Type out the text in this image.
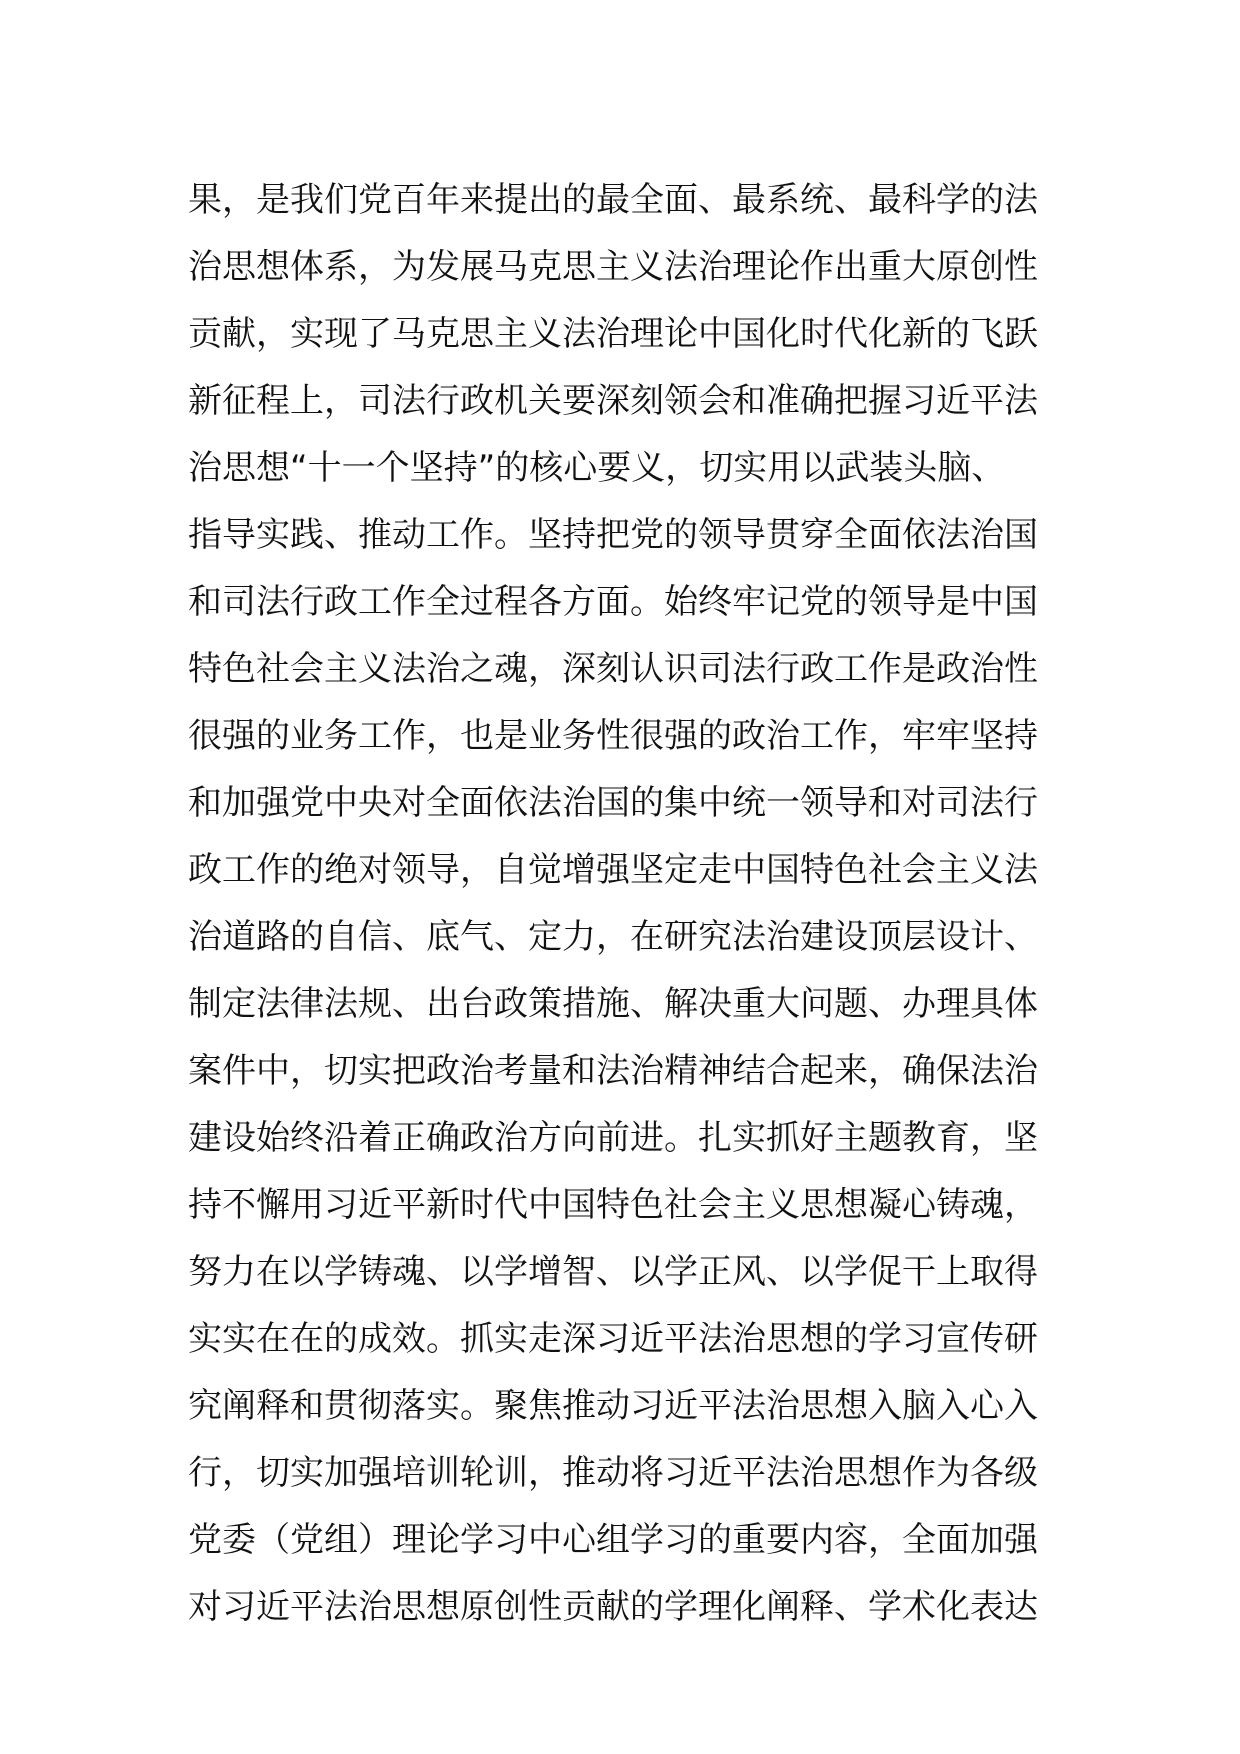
果，是我们党百年来提出的最全面、最系统、最科学的法
治思想体系，为发展马克思主义法治理论作出重大原创性
贡献，实现了马克思主义法治理论中国化时代化新的飞跃
新征程上，司法行政机关要深刻领会和准确把握习近平法
治思想“十一个坚持”的核心要义，切实用以武装头脑、
指导实践、推动工作。坚持把党的领导贯穿全面依法治国
和司法行政工作全过程各方面。始终牢记党的领导是中国
特色社会主义法治之魂，深刻认识司法行政工作是政治性
很强的业务工作，也是业务性很强的政治工作，牢牢坚持
和加强党中央对全面依法治国的集中统一领导和对司法行
政工作的绝对领导，自觉增强坚定走中国特色社会主义法
治道路的自信、底气、定力，在研究法治建设顶层设计、
制定法律法规、出台政策措施、解决重大问题、办理具体
案件中，切实把政治考量和法治精神结合起来，确保法治
建设始终沿着正确政治方向前进。扎实抓好主题教育，坚
持不懈用习近平新时代中国特色社会主义思想凝心铸魂，
努力在以学铸魂、以学增智、以学正风、以学促干上取得
实实在在的成效。抓实走深习近平法治思想的学习宣传研
究阐释和贯彻落实。聚焦推动习近平法治思想入脑入心入
行，切实加强培训轮训，推动将习近平法治思想作为各级
党委（党组）理论学习中心组学习的重要内容，全面加强
对习近平法治思想原创性贡献的学理化阐释、学术化表达
